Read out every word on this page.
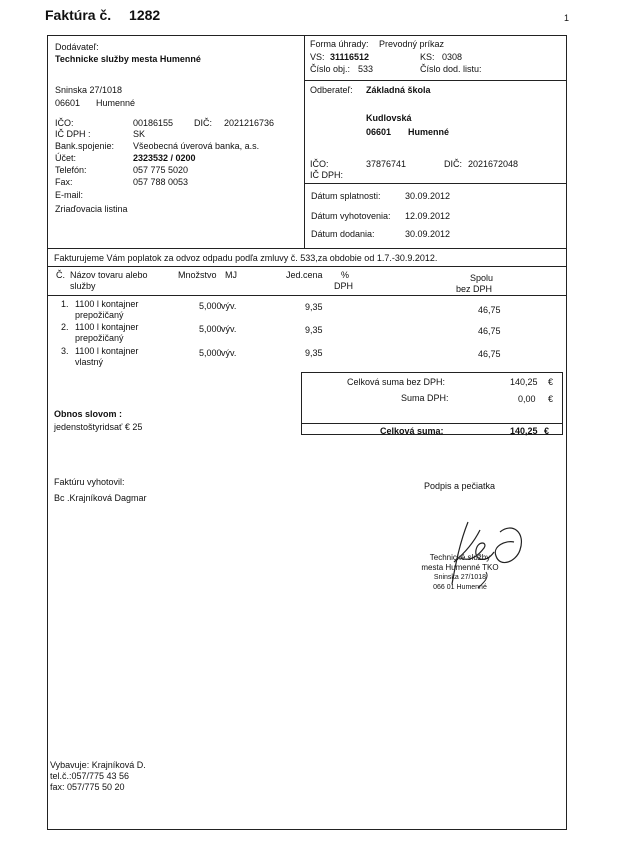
Faktúra č. 1282	1
Dodávateľ:
Technicke služby mesta Humenné
Sninska 27/1018
06601 Humenné
IČO:	00186155 DIČ: 2021216736
IČ DPH :	SK
Bank.spojenie: Všeobecná úverová banka, a.s.
Účet:	2323532 / 0200
Telefón:	057 775 5020
Fax:	057 788 0053
E-mail:
Zriaďovacia listina
Forma úhrady: Prevodný príkaz
VS: 31116512	KS: 0308
Číslo obj.: 533	Číslo dod. listu:
Odberateľ: Základná škola
Kudlovská
06601 Humenné
IČO:	37876741	DIČ: 2021672048
IČ DPH:
Dátum splatnosti:	30.09.2012
Dátum vyhotovenia: 12.09.2012
Dátum dodania:	30.09.2012
Fakturujeme Vám poplatok za odvoz odpadu podľa zmluvy č. 533,za obdobie od 1.7.-30.9.2012.
Č. Názov tovaru alebo
služby
Množstvo MJ	Jed.cena %
DPH
Spolu
bez DPH
1. 1100 l kontajner
prepožičaný
5,000 výv.	9,35	46,75
2. 1100 l kontajner
prepožičaný
5,000 výv.	9,35	46,75
3. 1100 l kontajner
vlastný
5,000 výv.	9,35	46,75
Celková suma bez DPH:	140,25 €
Suma DPH:	0,00 €
Celková suma:	140,25 €
Obnos slovom :
jedenstoštyridsať € 25
Faktúru vyhotovil:
Bc .Krajníková Dagmar
Podpis a pečiatka
Technické služby
mesta Humenné TKO
Sninska 27/1018
066 01 Humenné
Vybavuje: Krajníková D.
tel.č.:057/775 43 56
fax: 057/775 50 20
